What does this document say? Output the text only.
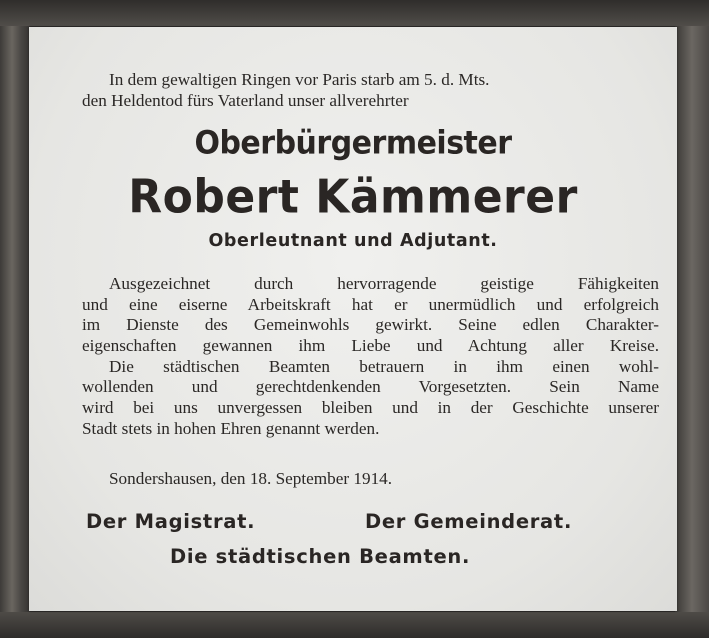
In dem gewaltigen Ringen vor Paris starb am 5. d. Mts.
den Heldentod fürs Vaterland unser allverehrter
Oberbürgermeister
Robert Kämmerer
Oberleutnant und Adjutant.
Ausgezeichnet durch hervorragende geistige Fähigkeiten
und eine eiserne Arbeitskraft hat er unermüdlich und erfolgreich
im Dienste des Gemeinwohls gewirkt. Seine edlen Charakter-
eigenschaften gewannen ihm Liebe und Achtung aller Kreise.
Die städtischen Beamten betrauern in ihm einen wohl-
wollenden und gerechtdenkenden Vorgesetzten. Sein Name
wird bei uns unvergessen bleiben und in der Geschichte unserer
Stadt stets in hohen Ehren genannt werden.
Sondershausen, den 18. September 1914.
Der Magistrat.	Der Gemeinderat.
Die städtischen Beamten.
